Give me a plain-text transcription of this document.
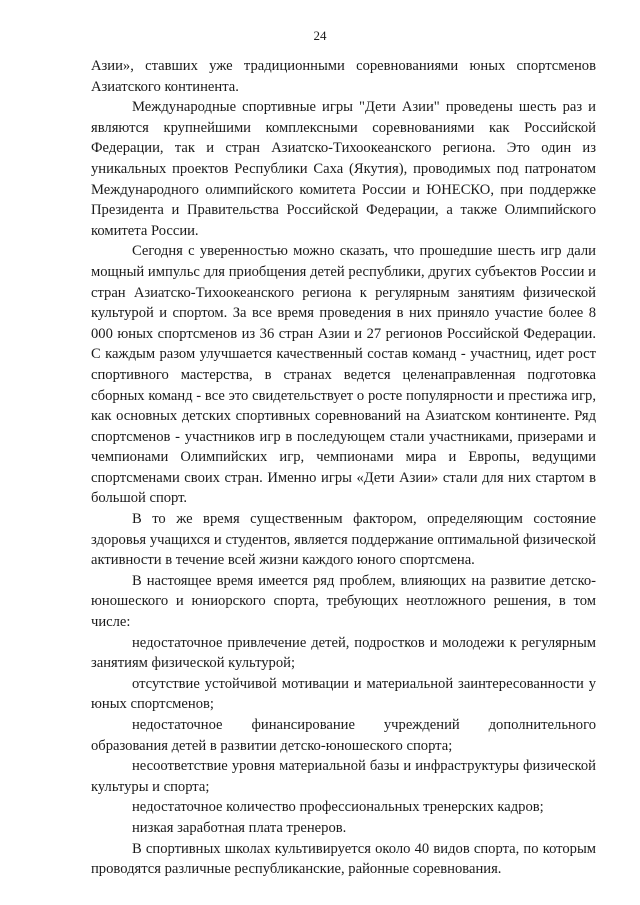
24

Азии», ставших уже традиционными соревнованиями юных спортсменов Азиатского континента.

Международные спортивные игры "Дети Азии" проведены шесть раз и являются крупнейшими комплексными соревнованиями как Российской Федерации, так и стран Азиатско-Тихоокеанского региона. Это один из уникальных проектов Республики Саха (Якутия), проводимых под патронатом Международного олимпийского комитета России и ЮНЕСКО, при поддержке Президента и Правительства Российской Федерации, а также Олимпийского комитета России.

Сегодня с уверенностью можно сказать, что прошедшие шесть игр дали мощный импульс для приобщения детей республики, других субъектов России и стран Азиатско-Тихоокеанского региона к регулярным занятиям физической культурой и спортом. За все время проведения в них приняло участие более 8 000 юных спортсменов из 36 стран Азии и 27 регионов Российской Федерации. С каждым разом улучшается качественный состав команд - участниц, идет рост спортивного мастерства, в странах ведется целенаправленная подготовка сборных команд - все это свидетельствует о росте популярности и престижа игр, как основных детских спортивных соревнований на Азиатском континенте. Ряд спортсменов - участников игр в последующем стали участниками, призерами и чемпионами Олимпийских игр, чемпионами мира и Европы, ведущими спортсменами своих стран. Именно игры «Дети Азии» стали для них стартом в большой спорт.

В то же время существенным фактором, определяющим состояние здоровья учащихся и студентов, является поддержание оптимальной физической активности в течение всей жизни каждого юного спортсмена.

В настоящее время имеется ряд проблем, влияющих на развитие детско-юношеского и юниорского спорта, требующих неотложного решения, в том числе:

недостаточное привлечение детей, подростков и молодежи к регулярным занятиям физической культурой;

отсутствие устойчивой мотивации и материальной заинтересованности у юных спортсменов;

недостаточное финансирование учреждений дополнительного образования детей в развитии детско-юношеского спорта;

несоответствие уровня материальной базы и инфраструктуры физической культуры и спорта;

недостаточное количество профессиональных тренерских кадров;

низкая заработная плата тренеров.

В спортивных школах культивируется около 40 видов спорта, по которым проводятся различные республиканские, районные соревнования.
